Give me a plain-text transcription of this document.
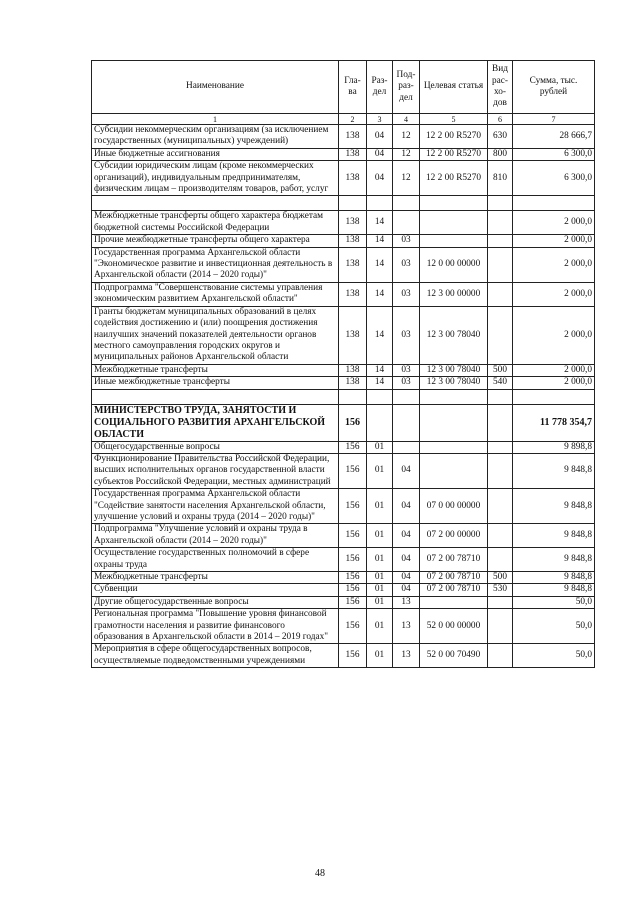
Наименование	Гла-ва	Раз-дел	Под-раз-дел	Целевая статья	Вид рас-хо-дов	Сумма, тыс. рублей
1	2	3	4	5	6	7
Субсидии некоммерческим организациям (за исключением государственных (муниципальных) учреждений)	138	04	12	12 2 00 R5270	630	28 666,7
Иные бюджетные ассигнования	138	04	12	12 2 00 R5270	800	6 300,0
Субсидии юридическим лицам (кроме некоммерческих организаций), индивидуальным предпринимателям, физическим лицам – производителям товаров, работ, услуг	138	04	12	12 2 00 R5270	810	6 300,0

Межбюджетные трансферты общего характера бюджетам бюджетной системы Российской Федерации	138	14				2 000,0
Прочие межбюджетные трансферты общего характера	138	14	03			2 000,0
Государственная программа Архангельской области "Экономическое развитие и инвестиционная деятельность в Архангельской области (2014 – 2020 годы)"	138	14	03	12 0 00 00000		2 000,0
Подпрограмма "Совершенствование системы управления экономическим развитием Архангельской области"	138	14	03	12 3 00 00000		2 000,0
Гранты бюджетам муниципальных образований в целях содействия достижению и (или) поощрения достижения наилучших значений показателей деятельности органов местного самоуправления городских округов и муниципальных районов Архангельской области	138	14	03	12 3 00 78040		2 000,0
Межбюджетные трансферты	138	14	03	12 3 00 78040	500	2 000,0
Иные межбюджетные трансферты	138	14	03	12 3 00 78040	540	2 000,0

МИНИСТЕРСТВО ТРУДА, ЗАНЯТОСТИ И СОЦИАЛЬНОГО РАЗВИТИЯ АРХАНГЕЛЬСКОЙ ОБЛАСТИ	156					11 778 354,7
Общегосударственные вопросы	156	01				9 898,8
Функционирование Правительства Российской Федерации, высших исполнительных органов государственной власти субъектов Российской Федерации, местных администраций	156	01	04			9 848,8
Государственная программа Архангельской области "Содействие занятости населения Архангельской области, улучшение условий и охраны труда (2014 – 2020 годы)"	156	01	04	07 0 00 00000		9 848,8
Подпрограмма "Улучшение условий и охраны труда в Архангельской области (2014 – 2020 годы)"	156	01	04	07 2 00 00000		9 848,8
Осуществление государственных полномочий в сфере охраны труда	156	01	04	07 2 00 78710		9 848,8
Межбюджетные трансферты	156	01	04	07 2 00 78710	500	9 848,8
Субвенции	156	01	04	07 2 00 78710	530	9 848,8
Другие общегосударственные вопросы	156	01	13			50,0
Региональная программа "Повышение уровня финансовой грамотности населения и развитие финансового образования в Архангельской области в 2014 – 2019 годах"	156	01	13	52 0 00 00000		50,0
Мероприятия в сфере общегосударственных вопросов, осуществляемые подведомственными учреждениями	156	01	13	52 0 00 70490		50,0
48
